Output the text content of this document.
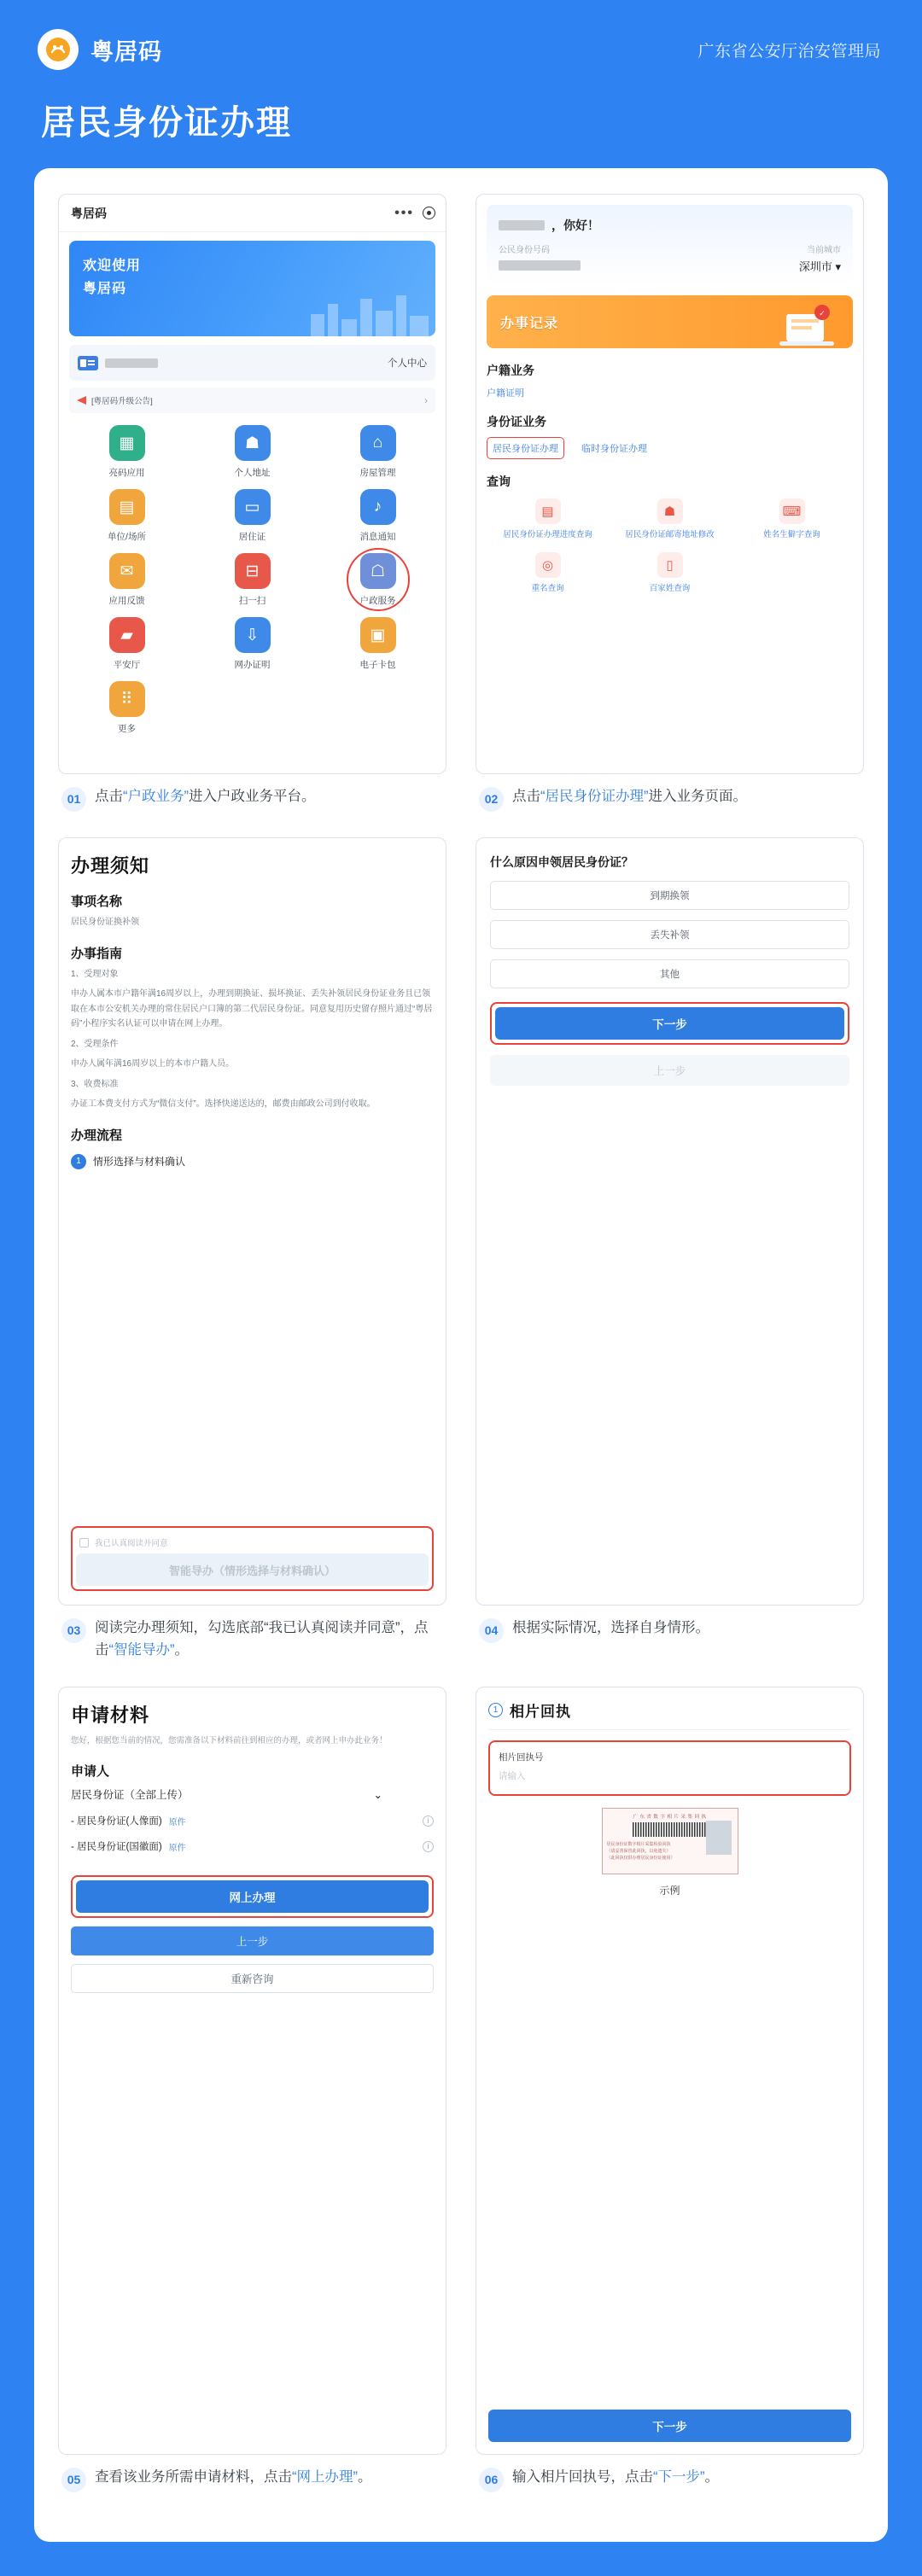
粤居码	广东省公安厅治安管理局
居民身份证办理
粤居码	•••
欢迎使用
粤居码
个人中心
[粤居码升级公告]	›
▦
亮码应用
☗
个人地址
⌂
房屋管理
▤
单位/场所
▭
居住证
♪
消息通知
✉
应用反馈
⊟
扫一扫
☖
户政服务
▰
平安厅
⇩
网办证明
▣
电子卡包
⠿
更多
01	点击“户政业务”进入户政业务平台。
，你好！
公民身份号码	当前城市
深圳市 ▾
办事记录
✓
户籍业务
户籍证明
身份证业务
居民身份证办理	临时身份证办理
查询
▤
居民身份证办理进度查询
☗
居民身份证邮寄地址修改
⌨
姓名生僻字查询
◎
重名查询
▯
百家姓查询
02	点击“居民身份证办理”进入业务页面。
办理须知
事项名称
居民身份证换补领
办事指南
1、受理对象
申办人属本市户籍年满16周岁以上，办理到期换证、损坏换证、丢失补领居民身份证业务且已领取在本市公安机关办理的常住居民户口簿的第二代居民身份证。同意复用历史留存照片通过“粤居码”小程序实名认证可以申请在网上办理。
2、受理条件
申办人属年满16周岁以上的本市户籍人员。
3、收费标准
办证工本费支付方式为“微信支付”。选择快递送达的，邮费由邮政公司到付收取。
办理流程
1	情形选择与材料确认
我已认真阅读并同意
智能导办（情形选择与材料确认）
03	阅读完办理须知，勾选底部“我已认真阅读并同意”，点击“智能导办”。
什么原因申领居民身份证？
到期换领
丢失补领
其他
下一步
上一步
04	根据实际情况，选择自身情形。
申请材料
您好，根据您当前的情况，您需准备以下材料前往到相应的办理，或者网上申办此业务！
申请人
居民身份证（全部上传）	⌄
- 居民身份证(人像面) 原件	i
- 居民身份证(国徽面) 原件	i
网上办理
上一步
重新咨询
05	查看该业务所需申请材料，点击“网上办理”。
1 相片回执
相片回执号
请输入
广 东 省 数 字 相 片 采 集 回 执
居民身份证数字相片采集检验回执
（请妥善保管此回执，以免遗失）
（此回执仅供办理居民身份证使用）
示例
下一步
06	输入相片回执号，点击“下一步”。
